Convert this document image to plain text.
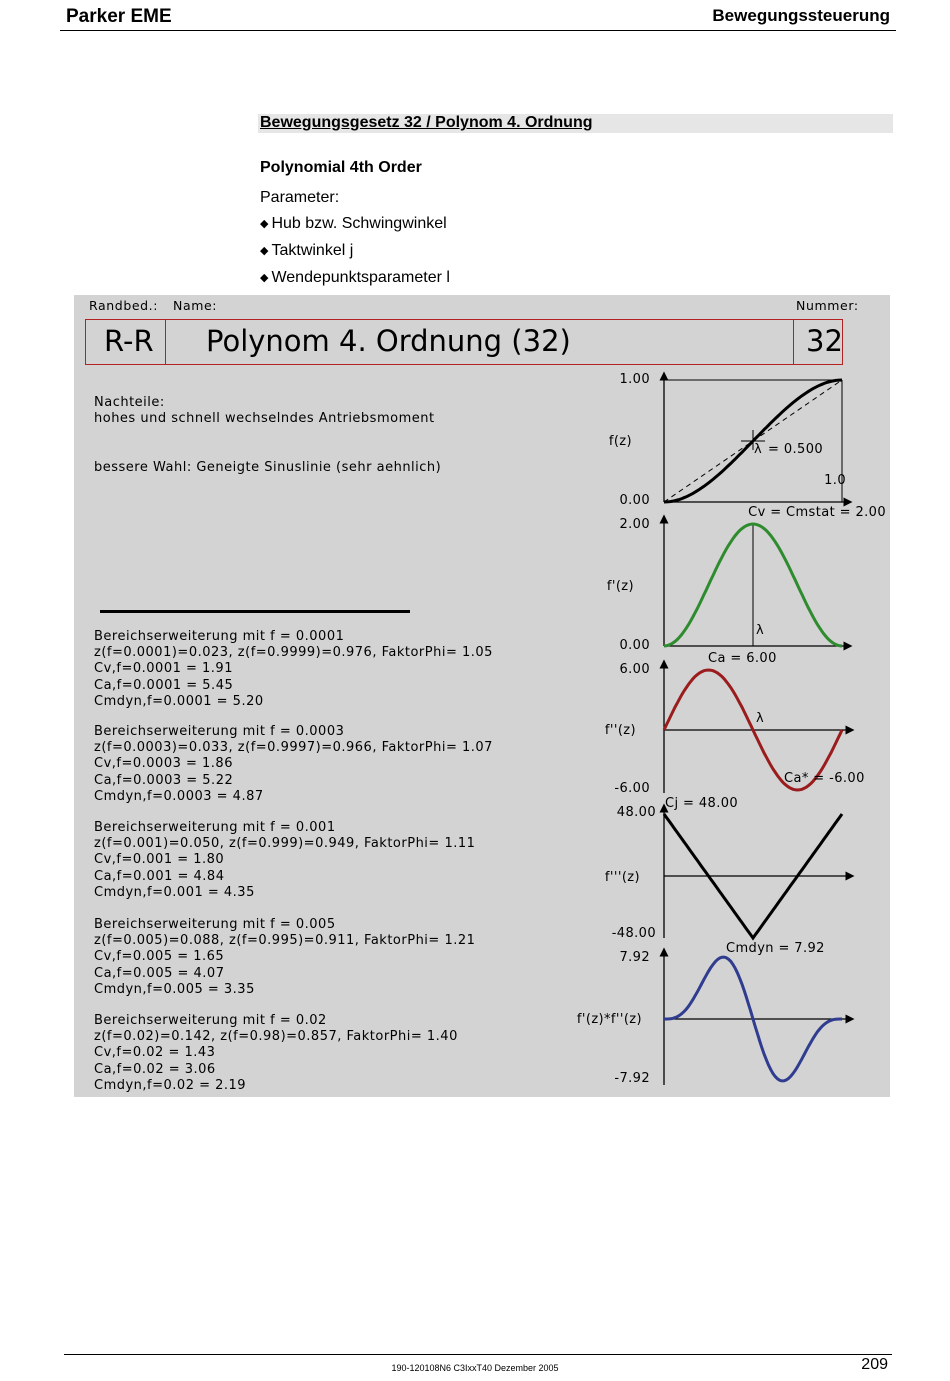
Parker EME	Bewegungssteuerung
Bewegungsgesetz 32 / Polynom 4. Ordnung
Polynomial 4th Order
Parameter:
◆ Hub bzw. Schwingwinkel
◆ Taktwinkel j
◆ Wendepunktsparameter l
Randbed.: Name:	Nummer:
R-R Polynom 4. Ordnung (32)	32
Nachteile:
hohes und schnell wechselndes Antriebsmoment
bessere Wahl: Geneigte Sinuslinie (sehr aehnlich)
Bereichserweiterung mit f = 0.0001
z(f=0.0001)=0.023, z(f=0.9999)=0.976, FaktorPhi= 1.05
Cv,f=0.0001 = 1.91
Ca,f=0.0001 = 5.45
Cmdyn,f=0.0001 = 5.20
Bereichserweiterung mit f = 0.0003
z(f=0.0003)=0.033, z(f=0.9997)=0.966, FaktorPhi= 1.07
Cv,f=0.0003 = 1.86
Ca,f=0.0003 = 5.22
Cmdyn,f=0.0003 = 4.87
Bereichserweiterung mit f = 0.001
z(f=0.001)=0.050, z(f=0.999)=0.949, FaktorPhi= 1.11
Cv,f=0.001 = 1.80
Ca,f=0.001 = 4.84
Cmdyn,f=0.001 = 4.35
Bereichserweiterung mit f = 0.005
z(f=0.005)=0.088, z(f=0.995)=0.911, FaktorPhi= 1.21
Cv,f=0.005 = 1.65
Ca,f=0.005 = 4.07
Cmdyn,f=0.005 = 3.35
Bereichserweiterung mit f = 0.02
z(f=0.02)=0.142, z(f=0.98)=0.857, FaktorPhi= 1.40
Cv,f=0.02 = 1.43
Ca,f=0.02 = 3.06
Cmdyn,f=0.02 = 2.19
λ = 0.500
1.00
0.00
f(z)
1.0
λ
2.00
0.00
f'(z)
Cv = Cmstat = 2.00
λ
6.00
-6.00
f''(z)
Ca = 6.00
Ca* = -6.00
48.00
-48.00
f'''(z)
Cj = 48.00
7.92
-7.92
f'(z)*f''(z)
Cmdyn = 7.92
190-120108N6 C3IxxT40 Dezember 2005	209
